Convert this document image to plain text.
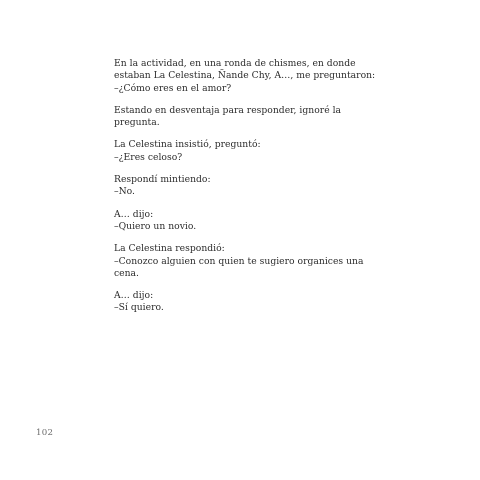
En la actividad, en una ronda de chismes, en donde
estaban La Celestina, Ñande Chy, A…, me preguntaron:
–¿Cómo eres en el amor?

Estando en desventaja para responder, ignoré la
pregunta.

La Celestina insistió, preguntó:
–¿Eres celoso?

Respondí mintiendo:
–No.

A… dijo:
–Quiero un novio.

La Celestina respondió:
–Conozco alguien con quien te sugiero organices una
cena.

A… dijo:
–Sí quiero.

102
